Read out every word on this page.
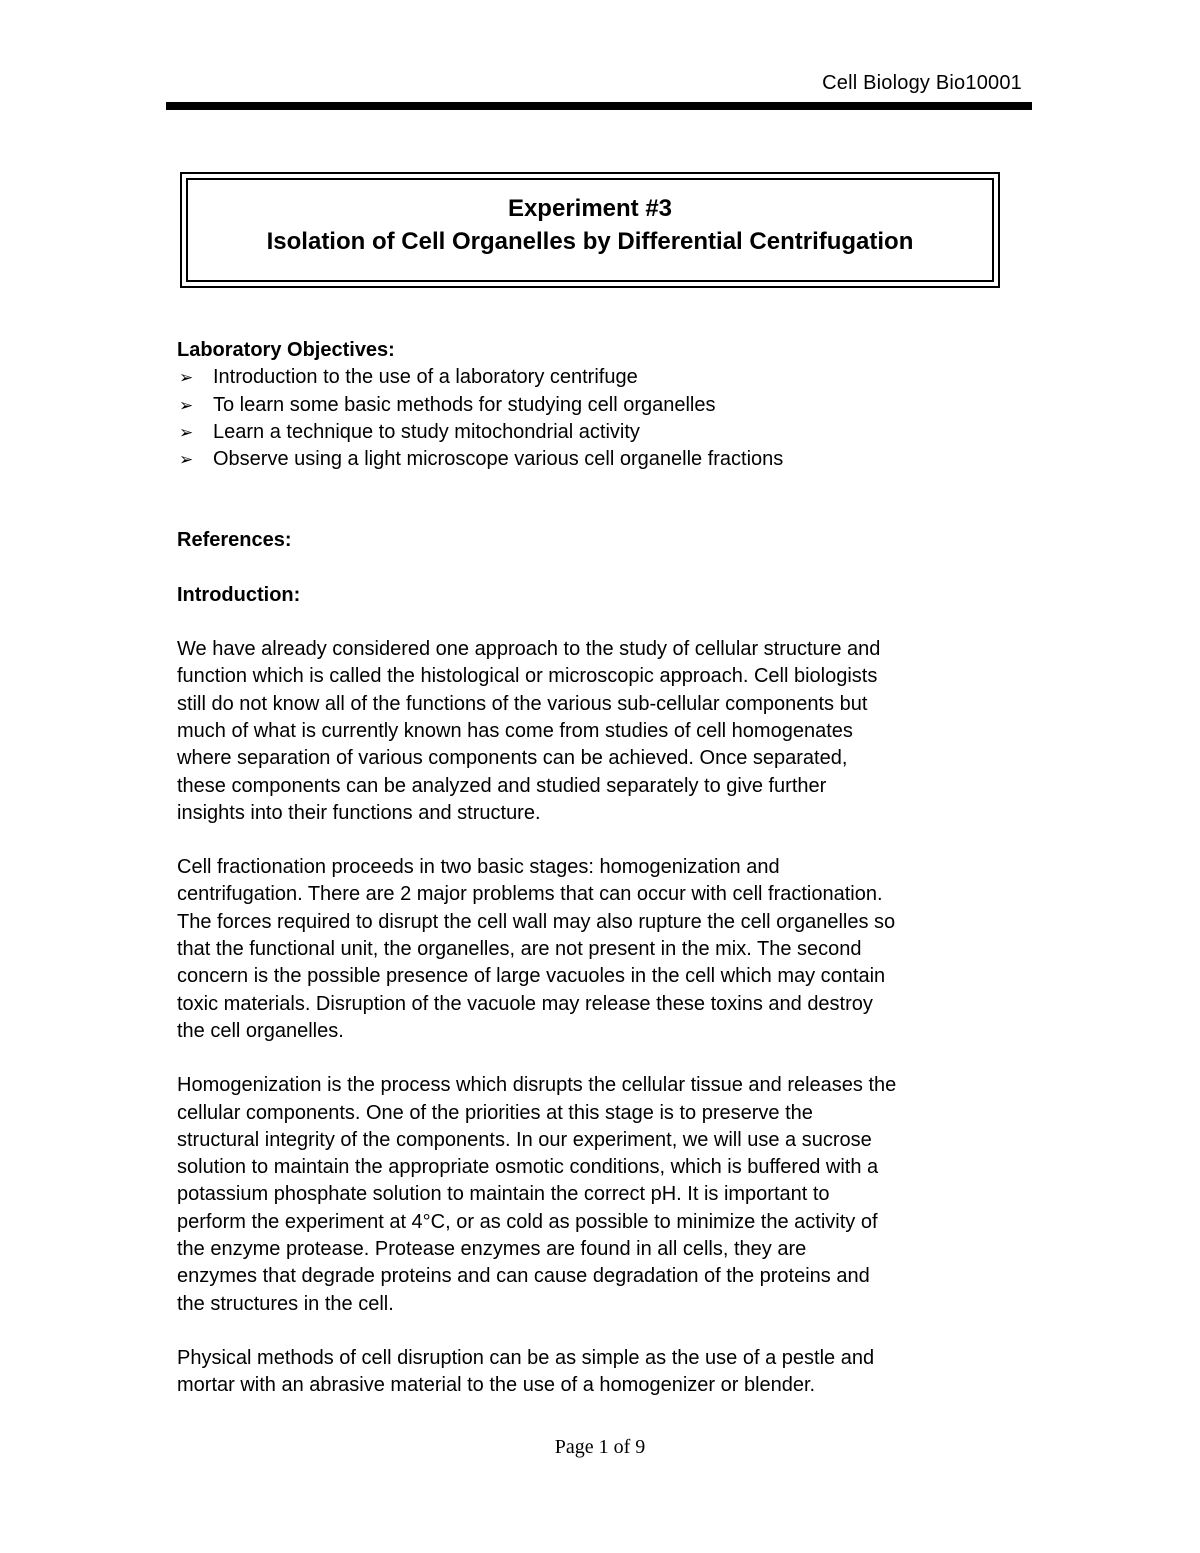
Cell Biology Bio10001
Experiment #3
Isolation of Cell Organelles by Differential Centrifugation
Laboratory Objectives:
➢ Introduction to the use of a laboratory centrifuge
➢ To learn some basic methods for studying cell organelles
➢ Learn a technique to study mitochondrial activity
➢ Observe using a light microscope various cell organelle fractions
References:
Introduction:

We have already considered one approach to the study of cellular structure and
function which is called the histological or microscopic approach. Cell biologists
still do not know all of the functions of the various sub-cellular components but
much of what is currently known has come from studies of cell homogenates
where separation of various components can be achieved. Once separated,
these components can be analyzed and studied separately to give further
insights into their functions and structure.

Cell fractionation proceeds in two basic stages: homogenization and
centrifugation. There are 2 major problems that can occur with cell fractionation.
The forces required to disrupt the cell wall may also rupture the cell organelles so
that the functional unit, the organelles, are not present in the mix. The second
concern is the possible presence of large vacuoles in the cell which may contain
toxic materials. Disruption of the vacuole may release these toxins and destroy
the cell organelles.

Homogenization is the process which disrupts the cellular tissue and releases the
cellular components. One of the priorities at this stage is to preserve the
structural integrity of the components. In our experiment, we will use a sucrose
solution to maintain the appropriate osmotic conditions, which is buffered with a
potassium phosphate solution to maintain the correct pH. It is important to
perform the experiment at 4°C, or as cold as possible to minimize the activity of
the enzyme protease. Protease enzymes are found in all cells, they are
enzymes that degrade proteins and can cause degradation of the proteins and
the structures in the cell.

Physical methods of cell disruption can be as simple as the use of a pestle and
mortar with an abrasive material to the use of a homogenizer or blender.

Page 1 of 9
